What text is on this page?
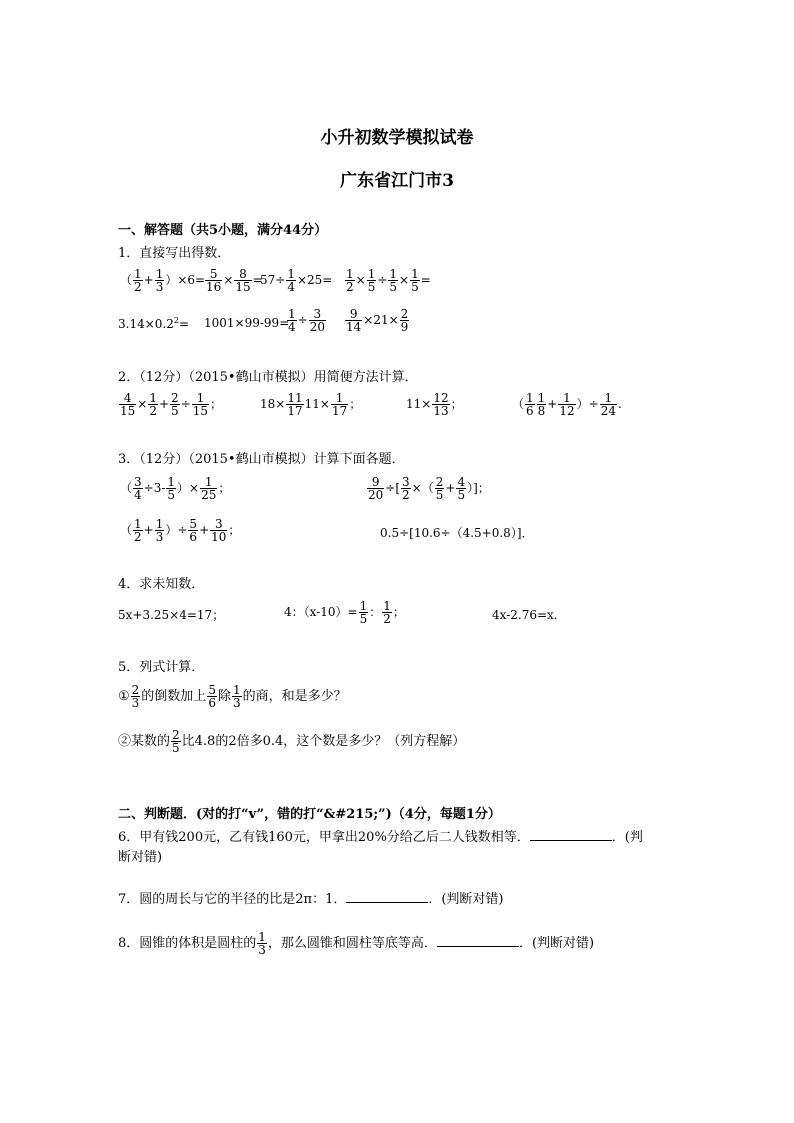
小升初数学模拟试卷
广东省江门市3
一、解答题（共5小题，满分44分）
1．直接写出得数．
（ $\frac{1}{2} + \frac{1}{3} )\times 6= \frac{5}{16} \times \frac{8}{15}$ =
$57\div \frac{1}{4} \times 25= \frac{1}{2} \times \frac{1}{5} \div \frac{1}{5} \times \frac{1}{5}$ =
$3.14\times 0.2^2= 1001\times 99-99=$
$\frac{1}{4} \div \frac{3}{20} \frac{9}{14} \times 21\times \frac{2}{9}$
2．（12分）（2015•鹤山市模拟）用简便方法计算．
$\frac{4}{15} \times \frac{1}{2} + \frac{2}{5} \div \frac{1}{15}$ ；	$18\times \frac{11}{17} 11\times \frac{1}{17}$ ；	$11\times \frac{12}{13}$ ；	（ $\frac{1}{6} \frac{1}{8} + \frac{1}{12}$ ）÷ $\frac{1}{24}$ .
3．（12分）（2015•鹤山市模拟）计算下面各题．
（ $\frac{3}{4} \div 3- \frac{1}{5}$ ）× $\frac{1}{25}$ ；	$\frac{9}{20}$ ÷[ $\frac{3}{2}$ ×（ $\frac{2}{5} + \frac{4}{5}$ ）]；
（ $\frac{1}{2} + \frac{1}{3}$ ）÷ $\frac{5}{6} + \frac{3}{10}$ ；	0.5÷[10.6÷（4.5+0.8）]．
4．求未知数．
5x+3.25×4=17；	4：$(x-10)= \frac{1}{5}$ ： $\frac{1}{2}$ ；	4x-2.76=x.
5．列式计算．
① $\frac{2}{3}$ 的倒数加上 $\frac{5}{6}$ 除 $\frac{1}{3}$ 的商，和是多少？
②某数的 $\frac{2}{5}$ 比4.8的2倍多0.4，这个数是多少？（列方程解）
二、判断题．(对的打“v”，错的打“&#215;”)（4分，每题1分）
6．甲有钱200元，乙有钱160元，甲拿出20%分给乙后二人钱数相等．	．(判
断对错)
7．圆的周长与它的半径的比是2π：1．	．(判断对错)
8．圆锥的体积是圆柱的 $\frac{1}{3}$ ，那么圆锥和圆柱等底等高．	．(判断对错)
